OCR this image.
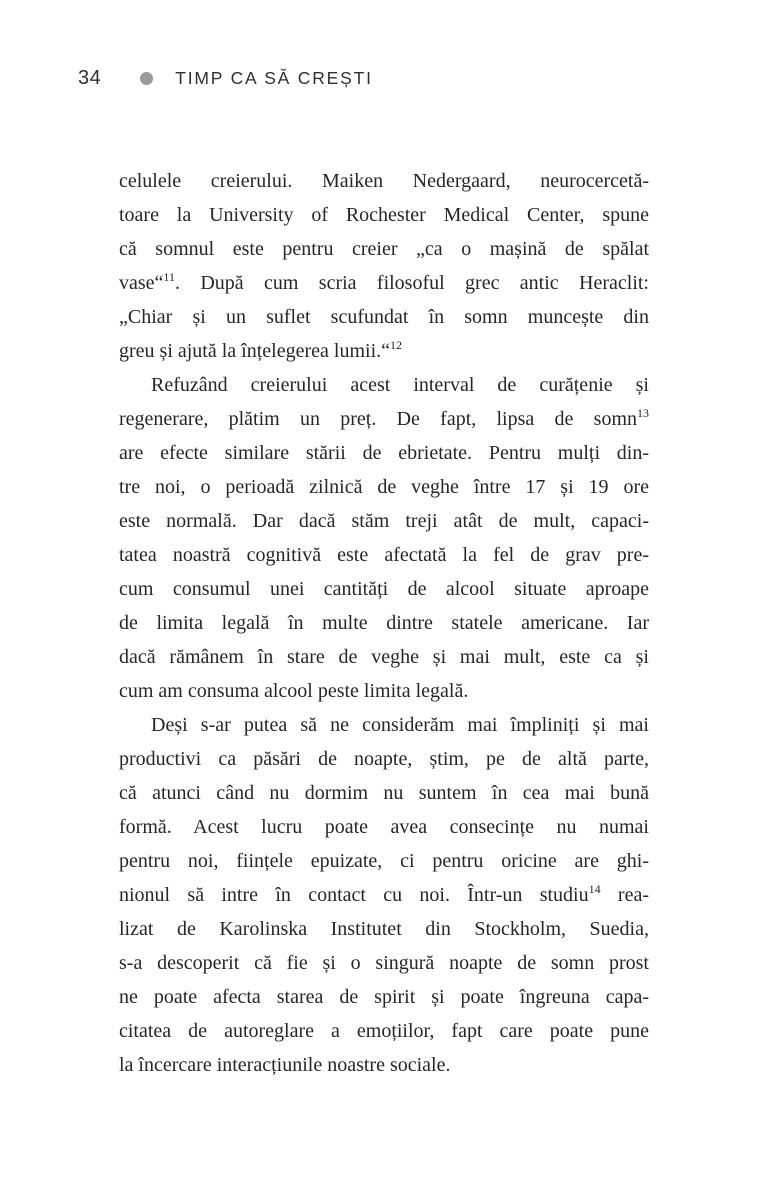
34	TIMP CA SĂ CREȘTI
celulele creierului. Maiken Nedergaard, neurocercetă-
toare la University of Rochester Medical Center, spune
că somnul este pentru creier „ca o mașină de spălat
vase“$^{11}$. După cum scria filosoful grec antic Heraclit:
„Chiar și un suflet scufundat în somn muncește din
greu și ajută la înțelegerea lumii.“$^{12}$
Refuzând creierului acest interval de curățenie și
regenerare, plătim un preț. De fapt, lipsa de somn$^{13}$
are efecte similare stării de ebrietate. Pentru mulți din-
tre noi, o perioadă zilnică de veghe între 17 și 19 ore
este normală. Dar dacă stăm treji atât de mult, capaci-
tatea noastră cognitivă este afectată la fel de grav pre-
cum consumul unei cantități de alcool situate aproape
de limita legală în multe dintre statele americane. Iar
dacă rămânem în stare de veghe și mai mult, este ca și
cum am consuma alcool peste limita legală.
Deși s-ar putea să ne considerăm mai împliniți și mai
productivi ca păsări de noapte, știm, pe de altă parte,
că atunci când nu dormim nu suntem în cea mai bună
formă. Acest lucru poate avea consecințe nu numai
pentru noi, ființele epuizate, ci pentru oricine are ghi-
nionul să intre în contact cu noi. Într-un studiu$^{14}$ rea-
lizat de Karolinska Institutet din Stockholm, Suedia,
s-a descoperit că fie și o singură noapte de somn prost
ne poate afecta starea de spirit și poate îngreuna capa-
citatea de autoreglare a emoțiilor, fapt care poate pune
la încercare interacțiunile noastre sociale.
